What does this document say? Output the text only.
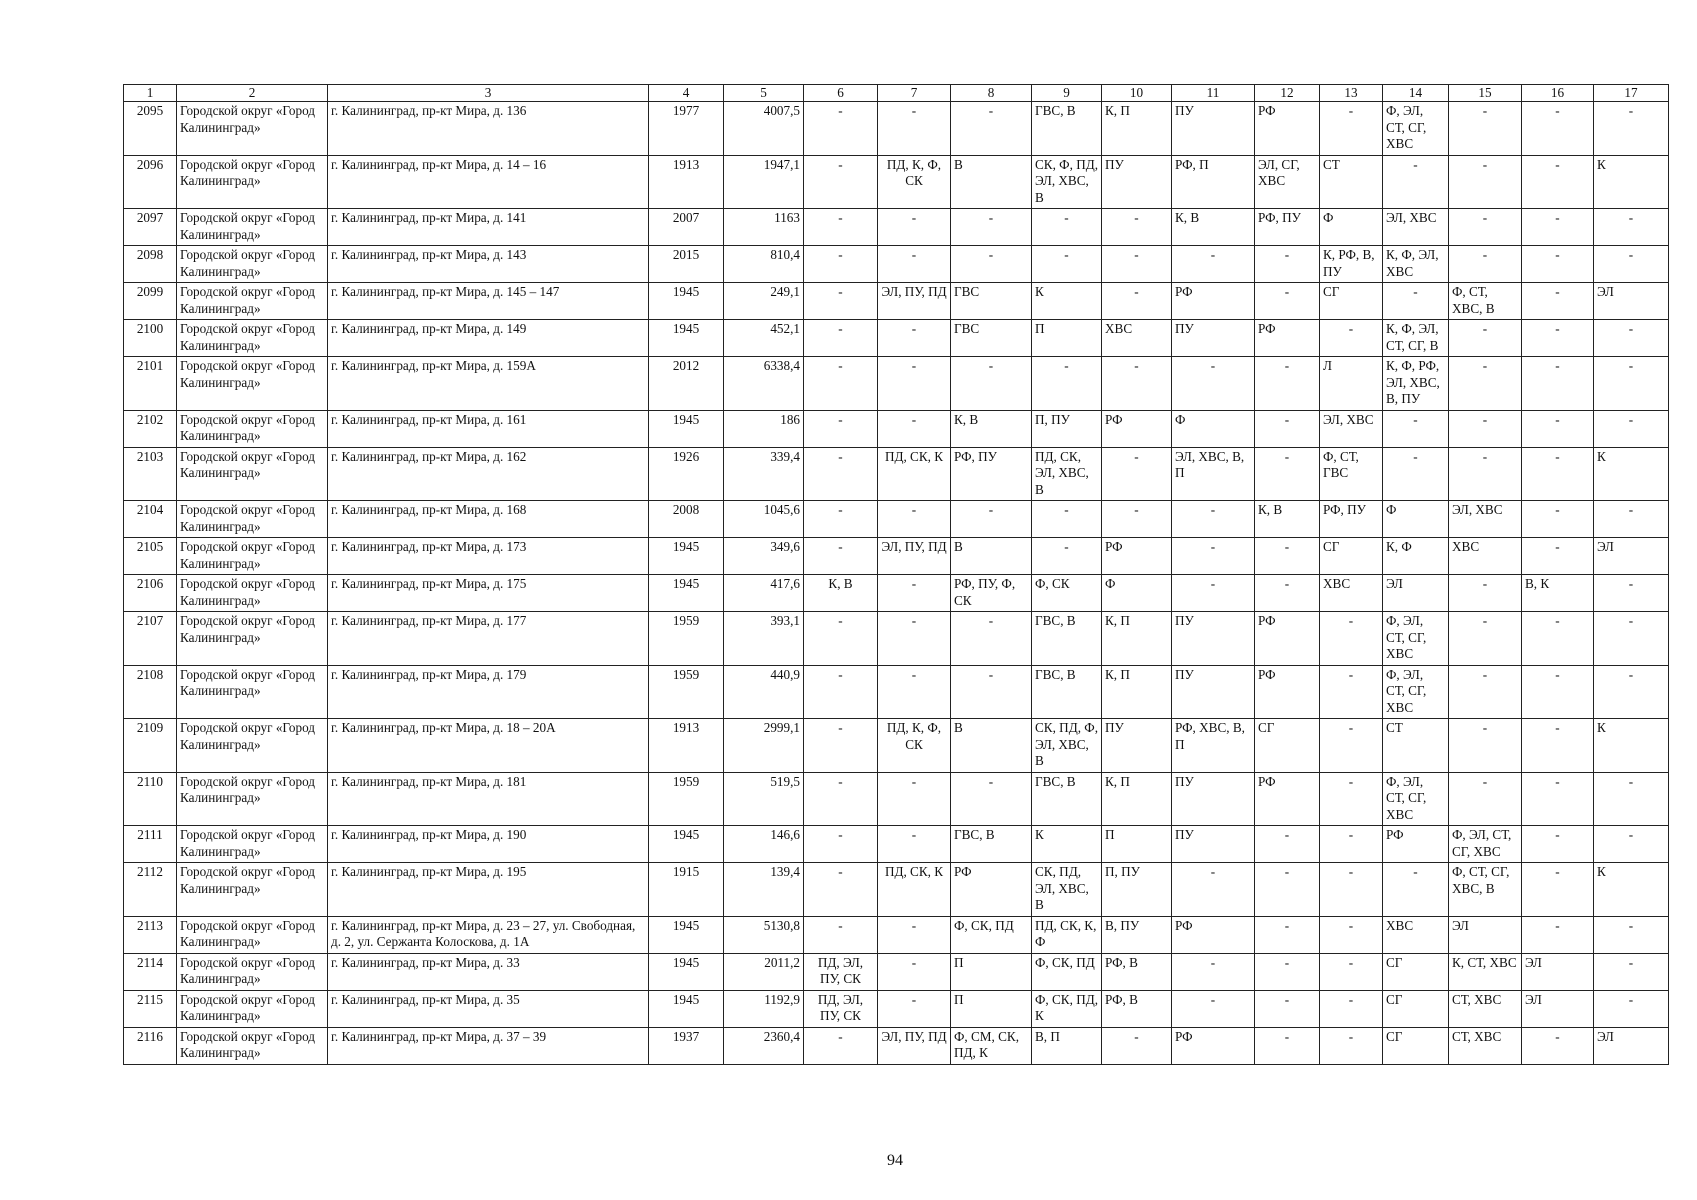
1	2	3	4	5	6	7	8	9	10	11	12	13	14	15	16	17
2095	Городской округ «Город Калининград»	г. Калининград, пр-кт Мира, д. 136	1977	4007,5	-	-	-	ГВС, В	К, П	ПУ	РФ	-	Ф, ЭЛ, СТ, СГ, ХВС	-	-	-
2096	Городской округ «Город Калининград»	г. Калининград, пр-кт Мира, д. 14 – 16	1913	1947,1	-	ПД, К, Ф, СК	В	СК, Ф, ПД, ЭЛ, ХВС, В	ПУ	РФ, П	ЭЛ, СГ, ХВС	СТ	-	-	-	К
2097	Городской округ «Город Калининград»	г. Калининград, пр-кт Мира, д. 141	2007	1163	-	-	-	-	-	К, В	РФ, ПУ	Ф	ЭЛ, ХВС	-	-	-
2098	Городской округ «Город Калининград»	г. Калининград, пр-кт Мира, д. 143	2015	810,4	-	-	-	-	-	-	-	К, РФ, В, ПУ	К, Ф, ЭЛ, ХВС	-	-	-
2099	Городской округ «Город Калининград»	г. Калининград, пр-кт Мира, д. 145 – 147	1945	249,1	-	ЭЛ, ПУ, ПД	ГВС	К	-	РФ	-	СГ	-	Ф, СТ, ХВС, В	-	ЭЛ
2100	Городской округ «Город Калининград»	г. Калининград, пр-кт Мира, д. 149	1945	452,1	-	-	ГВС	П	ХВС	ПУ	РФ	-	К, Ф, ЭЛ, СТ, СГ, В	-	-	-
2101	Городской округ «Город Калининград»	г. Калининград, пр-кт Мира, д. 159А	2012	6338,4	-	-	-	-	-	-	-	Л	К, Ф, РФ, ЭЛ, ХВС, В, ПУ	-	-	-
2102	Городской округ «Город Калининград»	г. Калининград, пр-кт Мира, д. 161	1945	186	-	-	К, В	П, ПУ	РФ	Ф	-	ЭЛ, ХВС	-	-	-	-
2103	Городской округ «Город Калининград»	г. Калининград, пр-кт Мира, д. 162	1926	339,4	-	ПД, СК, К	РФ, ПУ	ПД, СК, ЭЛ, ХВС, В	-	ЭЛ, ХВС, В, П	-	Ф, СТ, ГВС	-	-	-	К
2104	Городской округ «Город Калининград»	г. Калининград, пр-кт Мира, д. 168	2008	1045,6	-	-	-	-	-	-	К, В	РФ, ПУ	Ф	ЭЛ, ХВС	-	-
2105	Городской округ «Город Калининград»	г. Калининград, пр-кт Мира, д. 173	1945	349,6	-	ЭЛ, ПУ, ПД	В	-	РФ	-	-	СГ	К, Ф	ХВС	-	ЭЛ
2106	Городской округ «Город Калининград»	г. Калининград, пр-кт Мира, д. 175	1945	417,6	К, В	-	РФ, ПУ, Ф, СК	Ф, СК	Ф	-	-	ХВС	ЭЛ	-	В, К	-
2107	Городской округ «Город Калининград»	г. Калининград, пр-кт Мира, д. 177	1959	393,1	-	-	-	ГВС, В	К, П	ПУ	РФ	-	Ф, ЭЛ, СТ, СГ, ХВС	-	-	-
2108	Городской округ «Город Калининград»	г. Калининград, пр-кт Мира, д. 179	1959	440,9	-	-	-	ГВС, В	К, П	ПУ	РФ	-	Ф, ЭЛ, СТ, СГ, ХВС	-	-	-
2109	Городской округ «Город Калининград»	г. Калининград, пр-кт Мира, д. 18 – 20А	1913	2999,1	-	ПД, К, Ф, СК	В	СК, ПД, Ф, ЭЛ, ХВС, В	ПУ	РФ, ХВС, В, П	СГ	-	СТ	-	-	К
2110	Городской округ «Город Калининград»	г. Калининград, пр-кт Мира, д. 181	1959	519,5	-	-	-	ГВС, В	К, П	ПУ	РФ	-	Ф, ЭЛ, СТ, СГ, ХВС	-	-	-
2111	Городской округ «Город Калининград»	г. Калининград, пр-кт Мира, д. 190	1945	146,6	-	-	ГВС, В	К	П	ПУ	-	-	РФ	Ф, ЭЛ, СТ, СГ, ХВС	-	-
2112	Городской округ «Город Калининград»	г. Калининград, пр-кт Мира, д. 195	1915	139,4	-	ПД, СК, К	РФ	СК, ПД, ЭЛ, ХВС, В	П, ПУ	-	-	-	-	Ф, СТ, СГ, ХВС, В	-	К
2113	Городской округ «Город Калининград»	г. Калининград, пр-кт Мира, д. 23 – 27, ул. Свободная, д. 2, ул. Сержанта Колоскова, д. 1А	1945	5130,8	-	-	Ф, СК, ПД	ПД, СК, К, Ф	В, ПУ	РФ	-	-	ХВС	ЭЛ	-	-
2114	Городской округ «Город Калининград»	г. Калининград, пр-кт Мира, д. 33	1945	2011,2	ПД, ЭЛ, ПУ, СК	-	П	Ф, СК, ПД	РФ, В	-	-	-	СГ	К, СТ, ХВС	ЭЛ	-
2115	Городской округ «Город Калининград»	г. Калининград, пр-кт Мира, д. 35	1945	1192,9	ПД, ЭЛ, ПУ, СК	-	П	Ф, СК, ПД, К	РФ, В	-	-	-	СГ	СТ, ХВС	ЭЛ	-
2116	Городской округ «Город Калининград»	г. Калининград, пр-кт Мира, д. 37 – 39	1937	2360,4	-	ЭЛ, ПУ, ПД	Ф, СМ, СК, ПД, К	В, П	-	РФ	-	-	СГ	СТ, ХВС	-	ЭЛ
94
